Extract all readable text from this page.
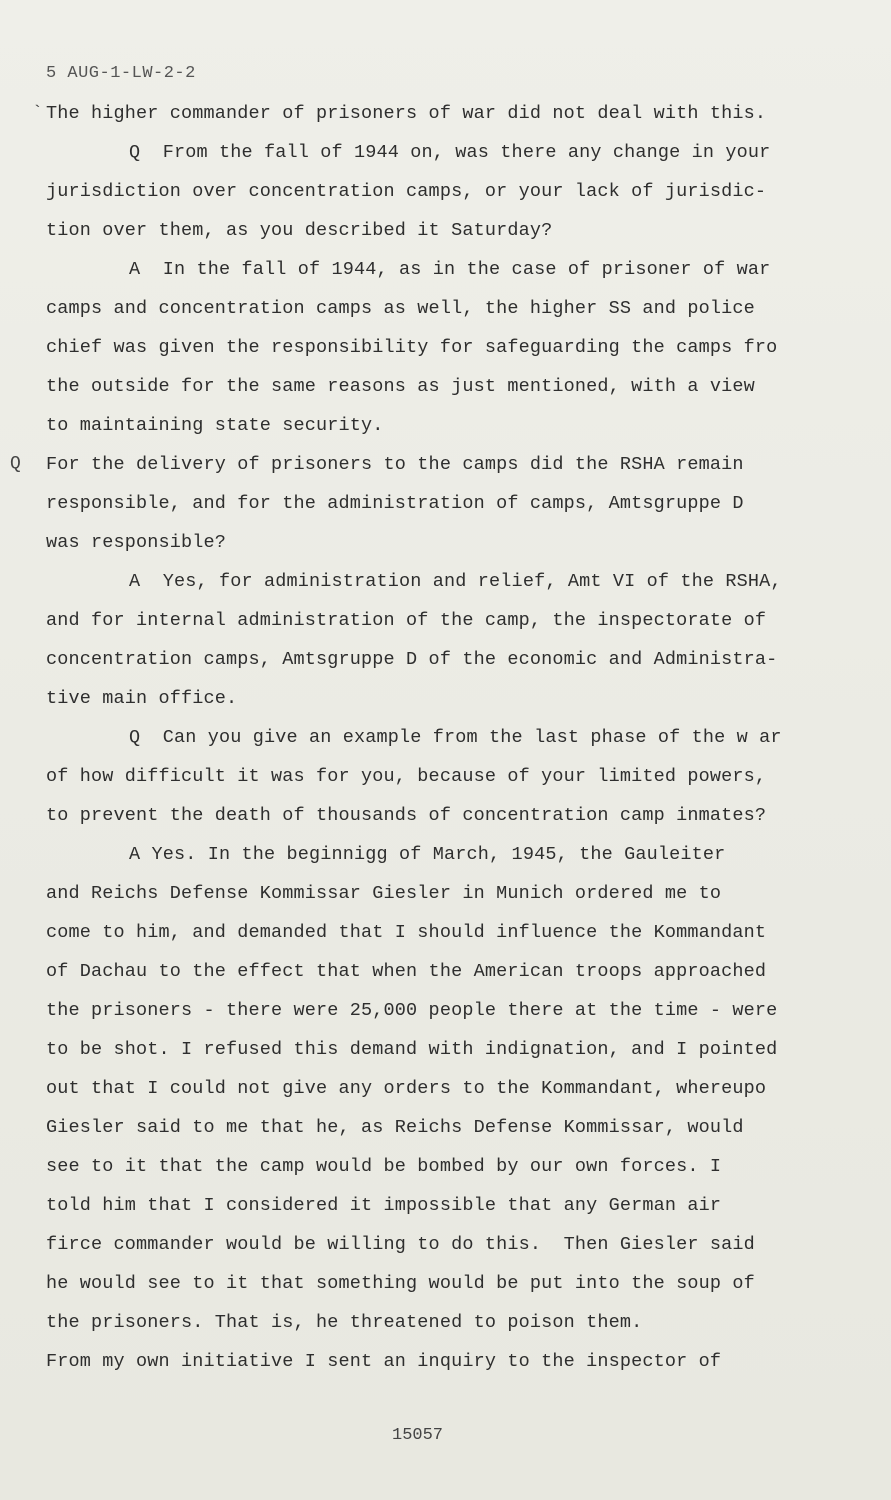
5 AUG-1-LW-2-2
` The higher commander of prisoners of war did not deal with this.
Q  From the fall of 1944 on, was there any change in your
jurisdiction over concentration camps, or your lack of jurisdic-
tion over them, as you described it Saturday?
A  In the fall of 1944, as in the case of prisoner of war
camps and concentration camps as well, the higher SS and police
chief was given the responsibility for safeguarding the camps fro
the outside for the same reasons as just mentioned, with a view
to maintaining state security.
Q For the delivery of prisoners to the camps did the RSHA remain
responsible, and for the administration of camps, Amtsgruppe D
was responsible?
A  Yes, for administration and relief, Amt VI of the RSHA,
and for internal administration of the camp, the inspectorate of
concentration camps, Amtsgruppe D of the economic and Administra-
tive main office.
Q  Can you give an example from the last phase of the w ar
of how difficult it was for you, because of your limited powers,
to prevent the death of thousands of concentration camp inmates?
A Yes. In the beginnigg of March, 1945, the Gauleiter
and Reichs Defense Kommissar Giesler in Munich ordered me to
come to him, and demanded that I should influence the Kommandant
of Dachau to the effect that when the American troops approached
the prisoners - there were 25,000 people there at the time - were
to be shot. I refused this demand with indignation, and I pointed
out that I could not give any orders to the Kommandant, whereupo
Giesler said to me that he, as Reichs Defense Kommissar, would
see to it that the camp would be bombed by our own forces. I
told him that I considered it impossible that any German air
firce commander would be willing to do this.  Then Giesler said
he would see to it that something would be put into the soup of
the prisoners. That is, he threatened to poison them.
From my own initiative I sent an inquiry to the inspector of
15057
